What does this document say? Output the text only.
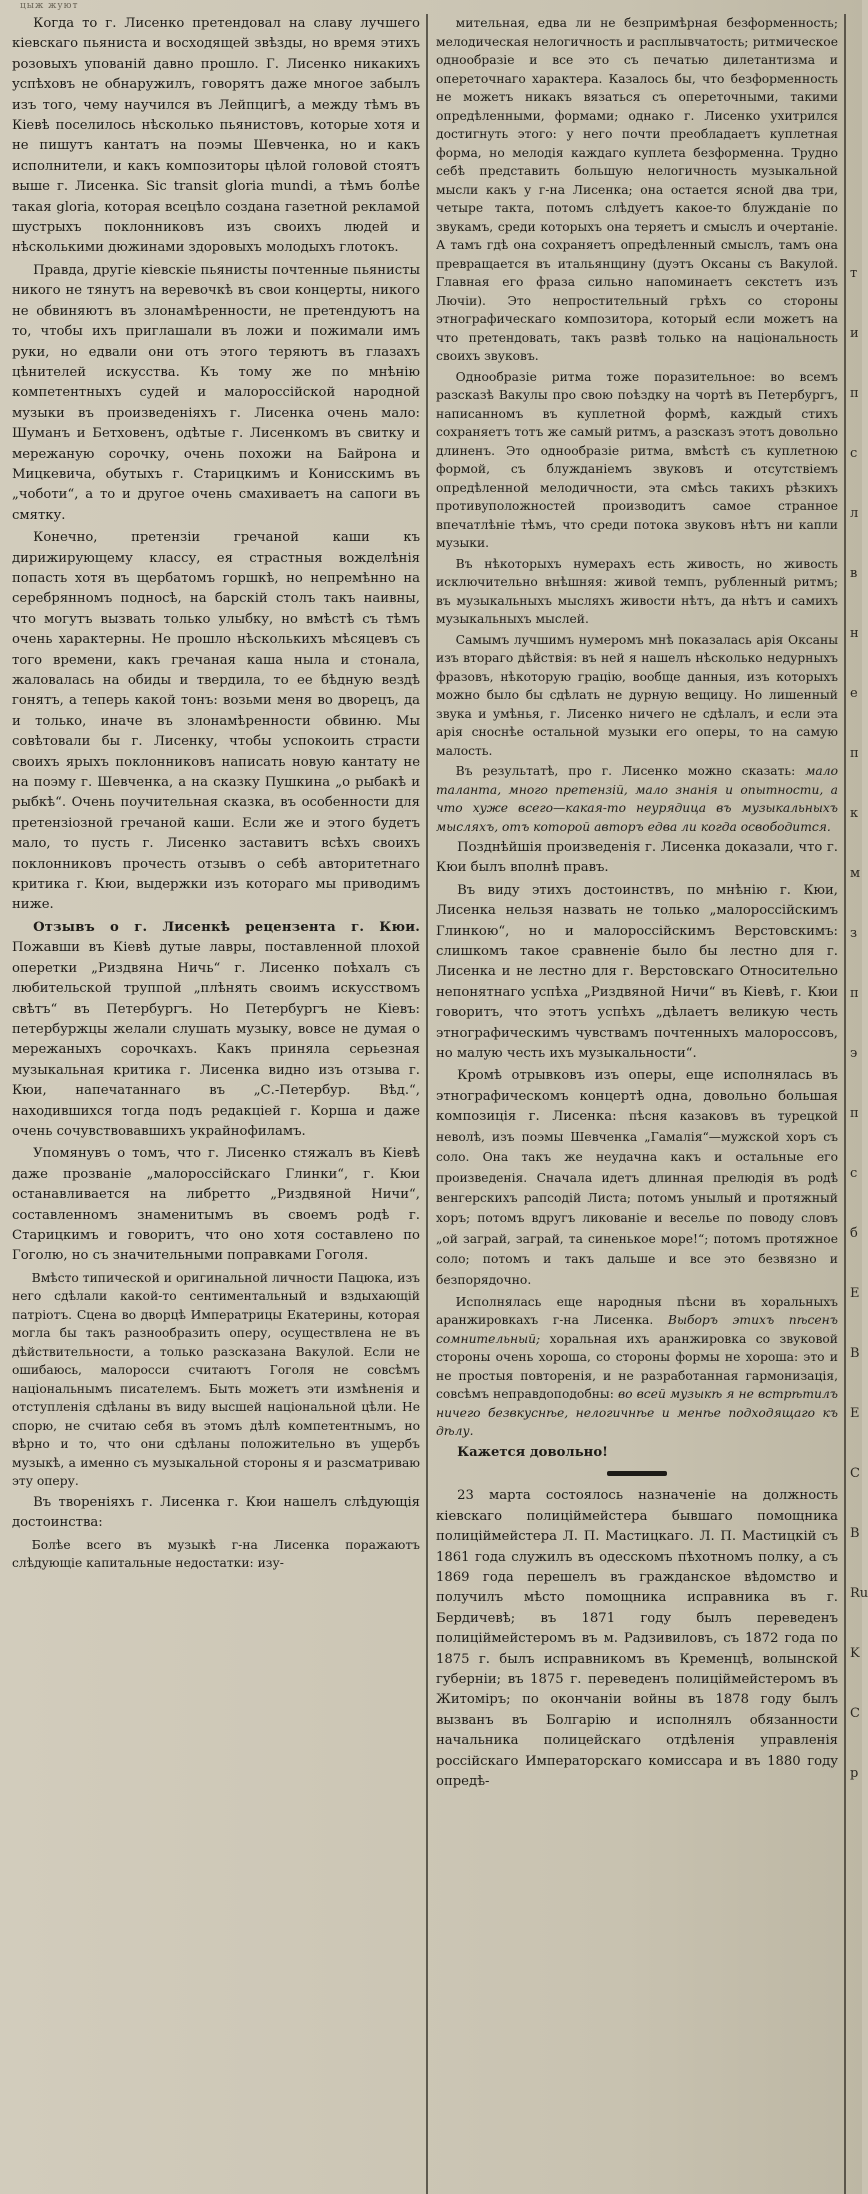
цыж жуют

Когда то г. Лисенко претендовал на славу лучшего кіевскаго пьяниста и восходящей звѣзды, но время этихъ розовыхъ упованій давно прошло. Г. Лисенко никакихъ успѣховъ не обнаружилъ, говорятъ даже многое забылъ изъ того, чему научился въ Лейпцигѣ, а между тѣмъ въ Кіевѣ поселилось нѣсколько пьянистовъ, которые хотя и не пишутъ кантатъ на поэмы Шевченка, но и какъ исполнители, и какъ композиторы цѣлой головой стоятъ выше г. Лисенка. Sic transit gloria mundi, а тѣмъ болѣе такая gloria, которая всецѣло создана газетной рекламой шустрыхъ поклонниковъ изъ своихъ людей и нѣсколькими дюжинами здоровыхъ молодыхъ глотокъ.

Правда, другіе кіевскіе пьянисты почтенные пьянисты никого не тянутъ на веревочкѣ въ свои концерты, никого не обвиняютъ въ злонамѣренности, не претендуютъ на то, чтобы ихъ приглашали въ ложи и пожимали имъ руки, но едвали они отъ этого теряютъ въ глазахъ цѣнителей искусства. Къ тому же по мнѣнію компетентныхъ судей и малороссійской народной музыки въ произведеніяхъ г. Лисенка очень мало: Шуманъ и Бетховенъ, одѣтые г. Лисенкомъ въ свитку и мережаную сорочку, очень похожи на Байрона и Мицкевича, обутыхъ г. Старицкимъ и Конисскимъ въ „чоботи“, а то и другое очень смахиваетъ на сапоги въ смятку.

Конечно, претензіи гречаной каши къ дирижирующему классу, ея страстныя вожделѣнія попасть хотя въ щербатомъ горшкѣ, но непремѣнно на серебрянномъ подносѣ, на барскій столъ такъ наивны, что могутъ вызвать только улыбку, но вмѣстѣ съ тѣмъ очень характерны. Не прошло нѣсколькихъ мѣсяцевъ съ того времени, какъ гречаная каша ныла и стонала, жаловалась на обиды и твердила, то ее бѣдную вездѣ гонятъ, а теперь какой тонъ: возьми меня во дворецъ, да и только, иначе въ злонамѣренности обвиню. Мы совѣтовали бы г. Лисенку, чтобы успокоить страсти своихъ ярыхъ поклонниковъ написать новую кантату не на поэму г. Шевченка, а на сказку Пушкина „о рыбакѣ и рыбкѣ“. Очень поучительная сказка, въ особенности для претензіозной гречаной каши. Если же и этого будетъ мало, то пусть г. Лисенко заставитъ всѣхъ своихъ поклонниковъ прочесть отзывъ о себѣ авторитетнаго критика г. Кюи, выдержки изъ котораго мы приводимъ ниже.

Отзывъ о г. Лисенкѣ рецензента г. Кюи. Пожавши въ Кіевѣ дутые лавры, поставленной плохой оперетки „Риздвяна Ничь“ г. Лисенко поѣхалъ съ любительской труппой „плѣнять своимъ искусствомъ свѣтъ“ въ Петербургъ. Но Петербургъ не Кіевъ: петербуржцы желали слушать музыку, вовсе не думая о мережаныхъ сорочкахъ. Какъ приняла серьезная музыкальная критика г. Лисенка видно изъ отзыва г. Кюи, напечатаннаго въ „С.-Петербур. Вѣд.“, находившихся тогда подъ редакціей г. Корша и даже очень сочувствовавшихъ украйнофиламъ.

Упомянувъ о томъ, что г. Лисенко стяжалъ въ Кіевѣ даже прозваніе „малороссійскаго Глинки“, г. Кюи останавливается на либретто „Риздвяной Ничи“, составленномъ знаменитымъ въ своемъ родѣ г. Старицкимъ и говоритъ, что оно хотя составлено по Гоголю, но съ значительными поправками Гоголя.

Вмѣсто типической и оригинальной личности Пацюка, изъ него сдѣлали какой-то сентиментальный и вздыхающій патріотъ. Сцена во дворцѣ Императрицы Екатерины, которая могла бы такъ разнообразить оперу, осуществлена не въ дѣйствительности, а только разсказана Вакулой. Если не ошибаюсь, малоросси считаютъ Гоголя не совсѣмъ національнымъ писателемъ. Быть можетъ эти измѣненія и отступленія сдѣланы въ виду высшей національной цѣли. Не спорю, не считаю себя въ этомъ дѣлѣ компетентнымъ, но вѣрно и то, что они сдѣланы положительно въ ущербъ музыкѣ, а именно съ музыкальной стороны я и разсматриваю эту оперу.

Въ твореніяхъ г. Лисенка г. Кюи нашелъ слѣдующія достоинства:

Болѣе всего въ музыкѣ г-на Лисенка поражаютъ слѣдующіе капитальные недостатки: изу-

мительная, едва ли не безпримѣрная безформенность; мелодическая нелогичность и расплывчатость; ритмическое однообразіе и все это съ печатью дилетантизма и опереточнаго характера. Казалось бы, что безформенность не можетъ никакъ вязаться съ опереточными, такими опредѣленными, формами; однако г. Лисенко ухитрился достигнуть этого: у него почти преобладаетъ куплетная форма, но мелодія каждаго куплета безформенна. Трудно себѣ представить большую нелогичность музыкальной мысли какъ у г-на Лисенка; она остается ясной два три, четыре такта, потомъ слѣдуетъ какое-то блужданіе по звукамъ, среди которыхъ она теряетъ и смыслъ и очертаніе. А тамъ гдѣ она сохраняетъ опредѣленный смыслъ, тамъ она превращается въ итальянщину (дуэтъ Оксаны съ Вакулой. Главная его фраза сильно напоминаетъ секстетъ изъ Лючіи). Это непростительный грѣхъ со стороны этнографическаго композитора, который если можетъ на что претендовать, такъ развѣ только на національность своихъ звуковъ.

Однообразіе ритма тоже поразительное: во всемъ разсказѣ Вакулы про свою поѣздку на чортѣ въ Петербургъ, написанномъ въ куплетной формѣ, каждый стихъ сохраняетъ тотъ же самый ритмъ, а разсказъ этотъ довольно длиненъ. Это однообразіе ритма, вмѣстѣ съ куплетною формой, съ блужданіемъ звуковъ и отсутствіемъ опредѣленной мелодичности, эта смѣсь такихъ рѣзкихъ противуположностей производитъ самое странное впечатлѣніе тѣмъ, что среди потока звуковъ нѣтъ ни капли музыки.

Въ нѣкоторыхъ нумерахъ есть живость, но живость исключительно внѣшняя: живой темпъ, рубленный ритмъ; въ музыкальныхъ мысляхъ живости нѣтъ, да нѣтъ и самихъ музыкальныхъ мыслей.

Самымъ лучшимъ нумеромъ мнѣ показалась арія Оксаны изъ втораго дѣйствія: въ ней я нашелъ нѣсколько недурныхъ фразовъ, нѣкоторую грацію, вообще данныя, изъ которыхъ можно было бы сдѣлать не дурную вещицу. Но лишенный звука и умѣнья, г. Лисенко ничего не сдѣлалъ, и если эта арія сноснѣе остальной музыки его оперы, то на самую малость.

Въ результатѣ, про г. Лисенко можно сказать: мало таланта, много претензій, мало знанія и опытности, а что хуже всего—какая-то неурядица въ музыкальныхъ мысляхъ, отъ которой авторъ едва ли когда освободится.

Позднѣйшія произведенія г. Лисенка доказали, что г. Кюи былъ вполнѣ правъ.

Въ виду этихъ достоинствъ, по мнѣнію г. Кюи, Лисенка нельзя назвать не только „малороссійскимъ Глинкою“, но и малороссійскимъ Верстовскимъ: слишкомъ такое сравненіе было бы лестно для г. Лисенка и не лестно для г. Верстовскаго Относительно непонятнаго успѣха „Риздвяной Ничи“ въ Кіевѣ, г. Кюи говоритъ, что этотъ успѣхъ „дѣлаетъ великую честь этнографическимъ чувствамъ почтенныхъ малороссовъ, но малую честь ихъ музыкальности“.

Кромѣ отрывковъ изъ оперы, еще исполнялась въ этнографическомъ концертѣ одна, довольно большая композиція г. Лисенка: пѣсня казаковъ въ турецкой неволѣ, изъ поэмы Шевченка „Гамалія“—мужской хоръ съ соло. Она такъ же неудачна какъ и остальные его произведенія. Сначала идетъ длинная прелюдія въ родѣ венгерскихъ рапсодій Листа; потомъ унылый и протяжный хоръ; потомъ вдругъ ликованіе и веселье по поводу словъ „ой заграй, заграй, та синенькое море!“; потомъ протяжное соло; потомъ и такъ дальше и все это безвязно и безпорядочно.

Исполнялась еще народныя пѣсни въ хоральныхъ аранжировкахъ г-на Лисенка. Выборъ этихъ пѣсенъ сомнительный; хоральная ихъ аранжировка со звуковой стороны очень хороша, со стороны формы не хороша: это и не простыя повторенія, и не разработанная гармонизація, совсѣмъ неправдоподобны: во всей музыкѣ я не встрѣтилъ ничего безвкуснѣе, нелогичнѣе и менѣе подходящаго къ дѣлу.

Кажется довольно!

23 марта состоялось назначеніе на должность кіевскаго полиціймейстера бывшаго помощника полиціймейстера Л. П. Мастицкаго. Л. П. Мастицкій съ 1861 года служилъ въ одесскомъ пѣхотномъ полку, а съ 1869 года перешелъ въ гражданское вѣдомство и получилъ мѣсто помощника исправника въ г. Бердичевѣ; въ 1871 году былъ переведенъ полиціймейстеромъ въ м. Радзивиловъ, съ 1872 года по 1875 г. былъ исправникомъ въ Кременцѣ, волынской губерніи; въ 1875 г. переведенъ полиціймейстеромъ въ Житоміръ; по окончаніи войны въ 1878 году былъ вызванъ въ Болгарію и исполнялъ обязанности начальника полицейскаго отдѣленія управленія россійскаго Императорскаго комиссара и въ 1880 году опредѣ-

т
и
п
с
л
в
н
е
п
к
м
з
п
э
п
с
б
E
B
E
C
B
Ru
K
C
p
